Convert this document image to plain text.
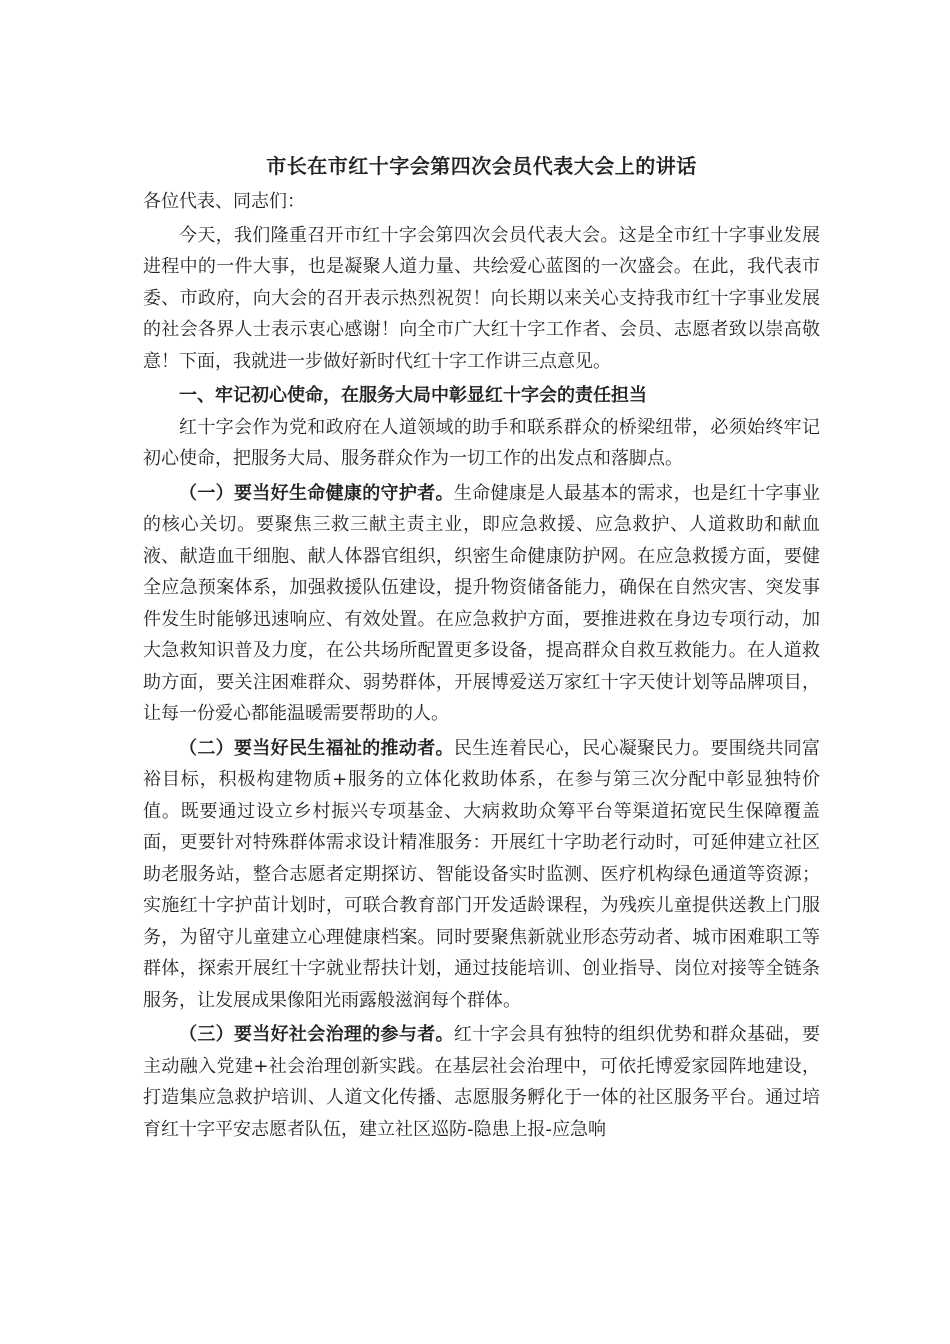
市长在市红十字会第四次会员代表大会上的讲话

各位代表、同志们：

今天，我们隆重召开市红十字会第四次会员代表大会。这是全市红十字事业发展进程中的一件大事，也是凝聚人道力量、共绘爱心蓝图的一次盛会。在此，我代表市委、市政府，向大会的召开表示热烈祝贺！向长期以来关心支持我市红十字事业发展的社会各界人士表示衷心感谢！向全市广大红十字工作者、会员、志愿者致以崇高敬意！下面，我就进一步做好新时代红十字工作讲三点意见。

一、牢记初心使命，在服务大局中彰显红十字会的责任担当

红十字会作为党和政府在人道领域的助手和联系群众的桥梁纽带，必须始终牢记初心使命，把服务大局、服务群众作为一切工作的出发点和落脚点。

（一）要当好生命健康的守护者。生命健康是人最基本的需求，也是红十字事业的核心关切。要聚焦三救三献主责主业，即应急救援、应急救护、人道救助和献血液、献造血干细胞、献人体器官组织，织密生命健康防护网。在应急救援方面，要健全应急预案体系，加强救援队伍建设，提升物资储备能力，确保在自然灾害、突发事件发生时能够迅速响应、有效处置。在应急救护方面，要推进救在身边专项行动，加大急救知识普及力度，在公共场所配置更多设备，提高群众自救互救能力。在人道救助方面，要关注困难群众、弱势群体，开展博爱送万家红十字天使计划等品牌项目，让每一份爱心都能温暖需要帮助的人。

（二）要当好民生福祉的推动者。民生连着民心，民心凝聚民力。要围绕共同富裕目标，积极构建物质+服务的立体化救助体系，在参与第三次分配中彰显独特价值。既要通过设立乡村振兴专项基金、大病救助众筹平台等渠道拓宽民生保障覆盖面，更要针对特殊群体需求设计精准服务：开展红十字助老行动时，可延伸建立社区助老服务站，整合志愿者定期探访、智能设备实时监测、医疗机构绿色通道等资源；实施红十字护苗计划时，可联合教育部门开发适龄课程，为残疾儿童提供送教上门服务，为留守儿童建立心理健康档案。同时要聚焦新就业形态劳动者、城市困难职工等群体，探索开展红十字就业帮扶计划，通过技能培训、创业指导、岗位对接等全链条服务，让发展成果像阳光雨露般滋润每个群体。

（三）要当好社会治理的参与者。红十字会具有独特的组织优势和群众基础，要主动融入党建+社会治理创新实践。在基层社会治理中，可依托博爱家园阵地建设，打造集应急救护培训、人道文化传播、志愿服务孵化于一体的社区服务平台。通过培育红十字平安志愿者队伍，建立社区巡防-隐患上报-应急响
